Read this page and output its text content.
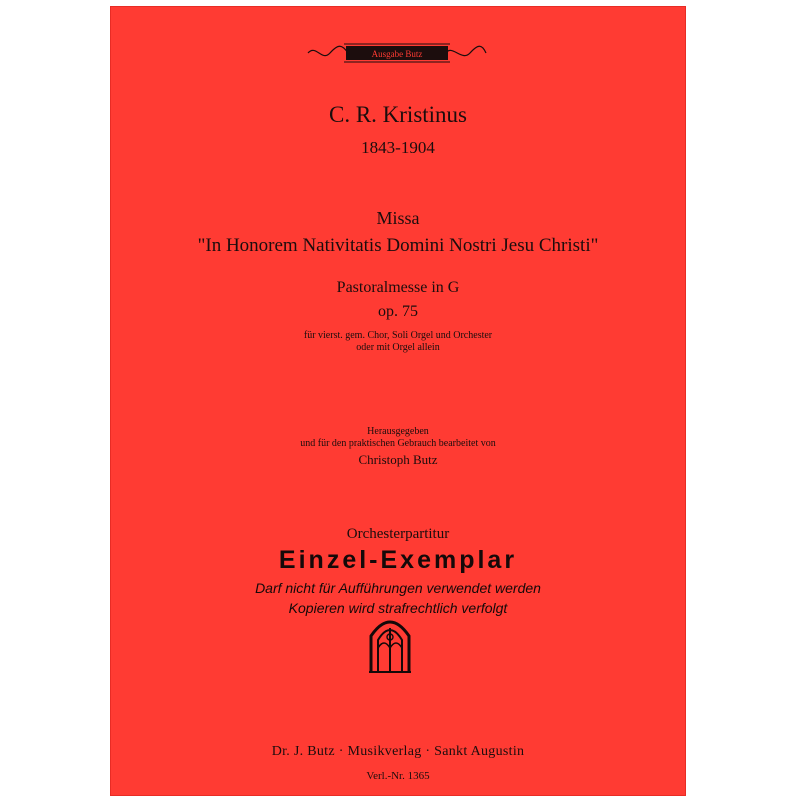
Ausgabe Butz
C. R. Kristinus
1843-1904
Missa
"In Honorem Nativitatis Domini Nostri Jesu Christi"
Pastoralmesse in G
op. 75
für vierst. gem. Chor, Soli Orgel und Orchester
oder mit Orgel allein
Herausgegeben
und für den praktischen Gebrauch bearbeitet von
Christoph Butz
Orchesterpartitur
Einzel-Exemplar
Darf nicht für Aufführungen verwendet werden
Kopieren wird strafrechtlich verfolgt
Dr. J. Butz · Musikverlag · Sankt Augustin
Verl.-Nr. 1365
